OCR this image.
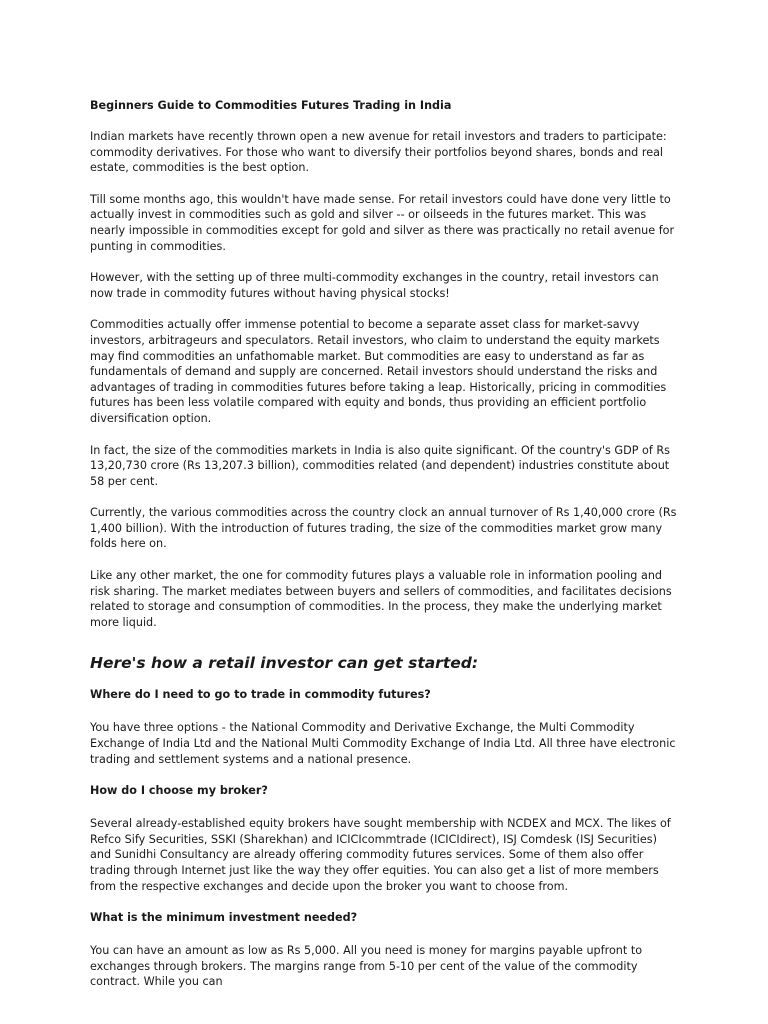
Beginners Guide to Commodities Futures Trading in India

Indian markets have recently thrown open a new avenue for retail investors and traders to participate: commodity derivatives. For those who want to diversify their portfolios beyond shares, bonds and real estate, commodities is the best option.

Till some months ago, this wouldn't have made sense. For retail investors could have done very little to actually invest in commodities such as gold and silver -- or oilseeds in the futures market. This was nearly impossible in commodities except for gold and silver as there was practically no retail avenue for punting in commodities.

However, with the setting up of three multi-commodity exchanges in the country, retail investors can now trade in commodity futures without having physical stocks!

Commodities actually offer immense potential to become a separate asset class for market-savvy investors, arbitrageurs and speculators. Retail investors, who claim to understand the equity markets may find commodities an unfathomable market. But commodities are easy to understand as far as fundamentals of demand and supply are concerned. Retail investors should understand the risks and advantages of trading in commodities futures before taking a leap. Historically, pricing in commodities futures has been less volatile compared with equity and bonds, thus providing an efficient portfolio diversification option.

In fact, the size of the commodities markets in India is also quite significant. Of the country's GDP of Rs 13,20,730 crore (Rs 13,207.3 billion), commodities related (and dependent) industries constitute about 58 per cent.

Currently, the various commodities across the country clock an annual turnover of Rs 1,40,000 crore (Rs 1,400 billion). With the introduction of futures trading, the size of the commodities market grow many folds here on.

Like any other market, the one for commodity futures plays a valuable role in information pooling and risk sharing. The market mediates between buyers and sellers of commodities, and facilitates decisions related to storage and consumption of commodities. In the process, they make the underlying market more liquid.

Here's how a retail investor can get started:
Where do I need to go to trade in commodity futures?

You have three options - the National Commodity and Derivative Exchange, the Multi Commodity Exchange of India Ltd and the National Multi Commodity Exchange of India Ltd. All three have electronic trading and settlement systems and a national presence.

How do I choose my broker?

Several already-established equity brokers have sought membership with NCDEX and MCX. The likes of Refco Sify Securities, SSKI (Sharekhan) and ICICIcommtrade (ICICIdirect), ISJ Comdesk (ISJ Securities) and Sunidhi Consultancy are already offering commodity futures services. Some of them also offer trading through Internet just like the way they offer equities. You can also get a list of more members from the respective exchanges and decide upon the broker you want to choose from.

What is the minimum investment needed?

You can have an amount as low as Rs 5,000. All you need is money for margins payable upfront to exchanges through brokers. The margins range from 5-10 per cent of the value of the commodity contract. While you can
